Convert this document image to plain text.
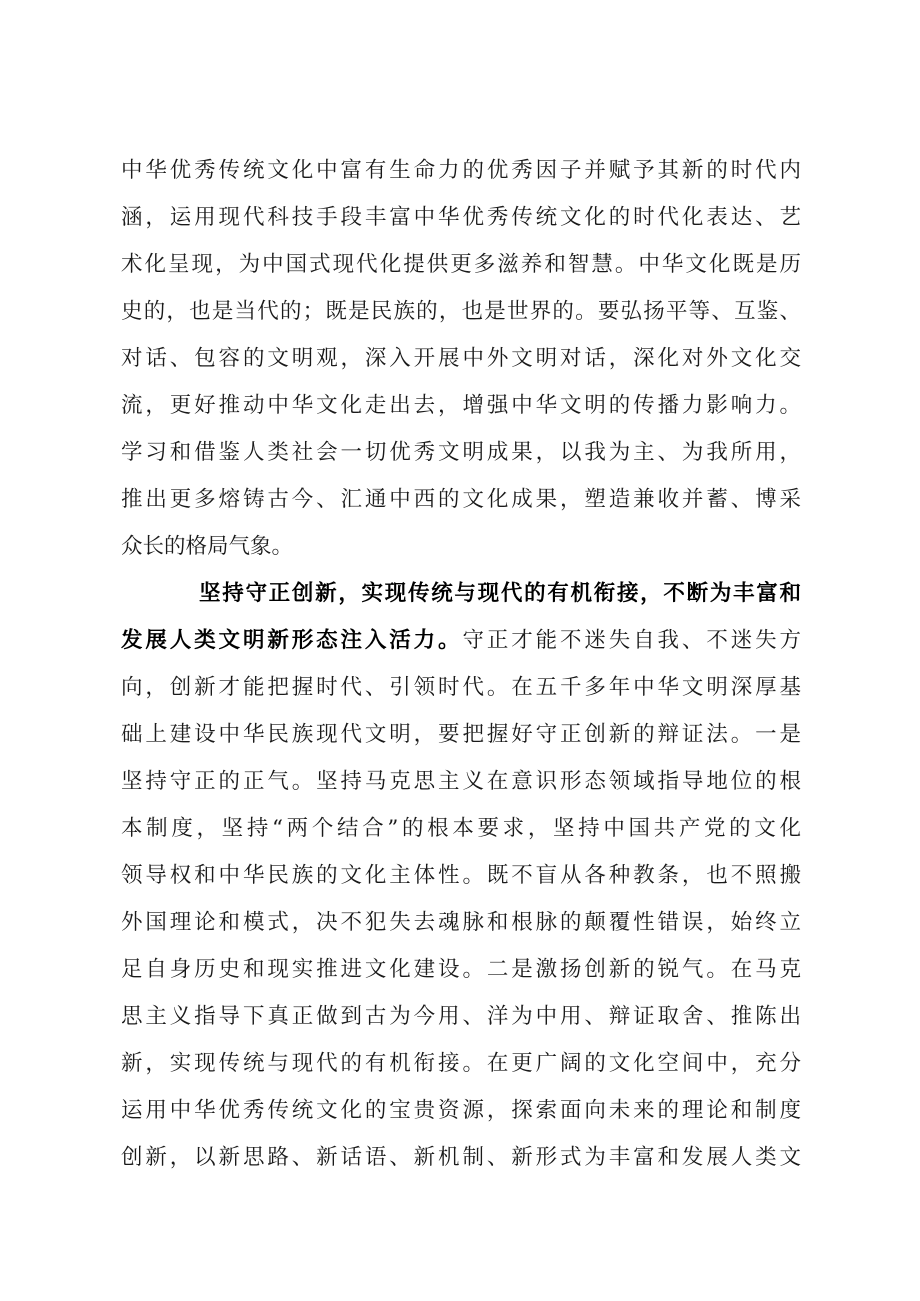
中华优秀传统文化中富有生命力的优秀因子并赋予其新的时代内
涵，运用现代科技手段丰富中华优秀传统文化的时代化表达、艺
术化呈现，为中国式现代化提供更多滋养和智慧。中华文化既是历
史的，也是当代的；既是民族的，也是世界的。要弘扬平等、互鉴、
对话、包容的文明观，深入开展中外文明对话，深化对外文化交
流，更好推动中华文化走出去，增强中华文明的传播力影响力。
学习和借鉴人类社会一切优秀文明成果，以我为主、为我所用，
推出更多熔铸古今、汇通中西的文化成果，塑造兼收并蓄、博采
众长的格局气象。
坚持守正创新，实现传统与现代的有机衔接，不断为丰富和
发展人类文明新形态注入活力。守正才能不迷失自我、不迷失方
向，创新才能把握时代、引领时代。在五千多年中华文明深厚基
础上建设中华民族现代文明，要把握好守正创新的辩证法。一是
坚持守正的正气。坚持马克思主义在意识形态领域指导地位的根
本制度，坚持“两个结合”的根本要求，坚持中国共产党的文化
领导权和中华民族的文化主体性。既不盲从各种教条，也不照搬
外国理论和模式，决不犯失去魂脉和根脉的颠覆性错误，始终立
足自身历史和现实推进文化建设。二是激扬创新的锐气。在马克
思主义指导下真正做到古为今用、洋为中用、辩证取舍、推陈出
新，实现传统与现代的有机衔接。在更广阔的文化空间中，充分
运用中华优秀传统文化的宝贵资源，探索面向未来的理论和制度
创新，以新思路、新话语、新机制、新形式为丰富和发展人类文
